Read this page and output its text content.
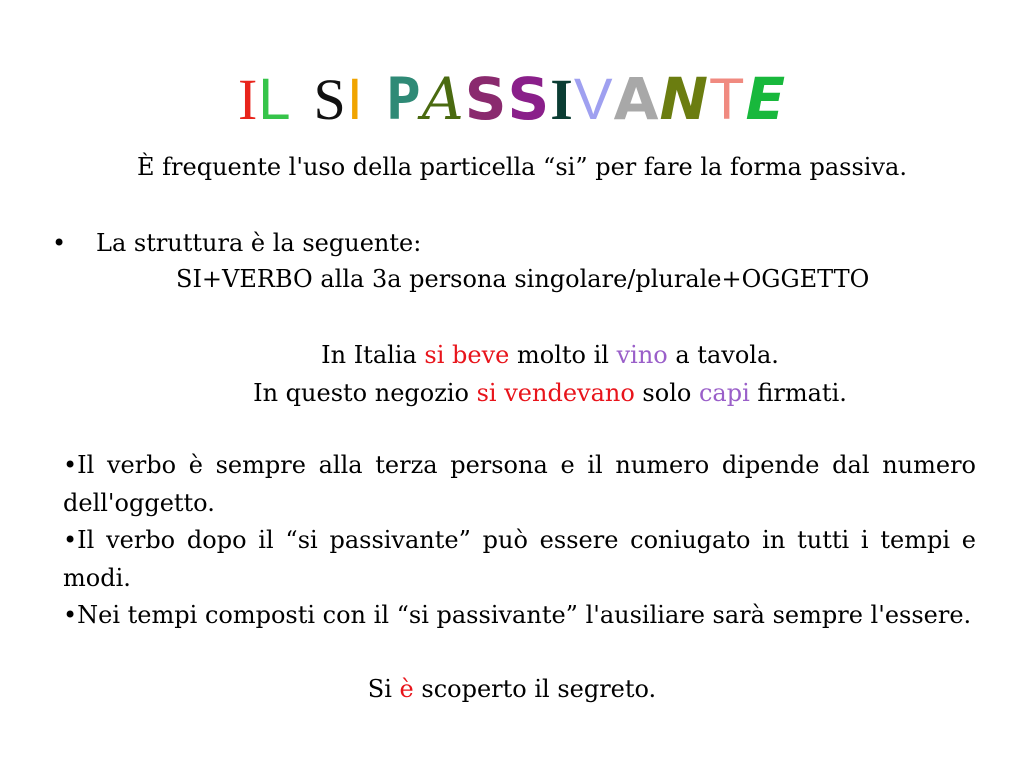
IL SI PASSIVANTE
È frequente l'uso della particella “si” per fare la forma passiva.
• La struttura è la seguente:
SI+VERBO alla 3a persona singolare/plurale+OGGETTO
In Italia si beve molto il vino a tavola.
In questo negozio si vendevano solo capi firmati.
•Il verbo è sempre alla terza persona e il numero dipende dal numero dell'oggetto.
•Il verbo dopo il “si passivante” può essere coniugato in tutti i tempi e modi.
•Nei tempi composti con il “si passivante” l'ausiliare sarà sempre l'essere.
Si è scoperto il segreto.
